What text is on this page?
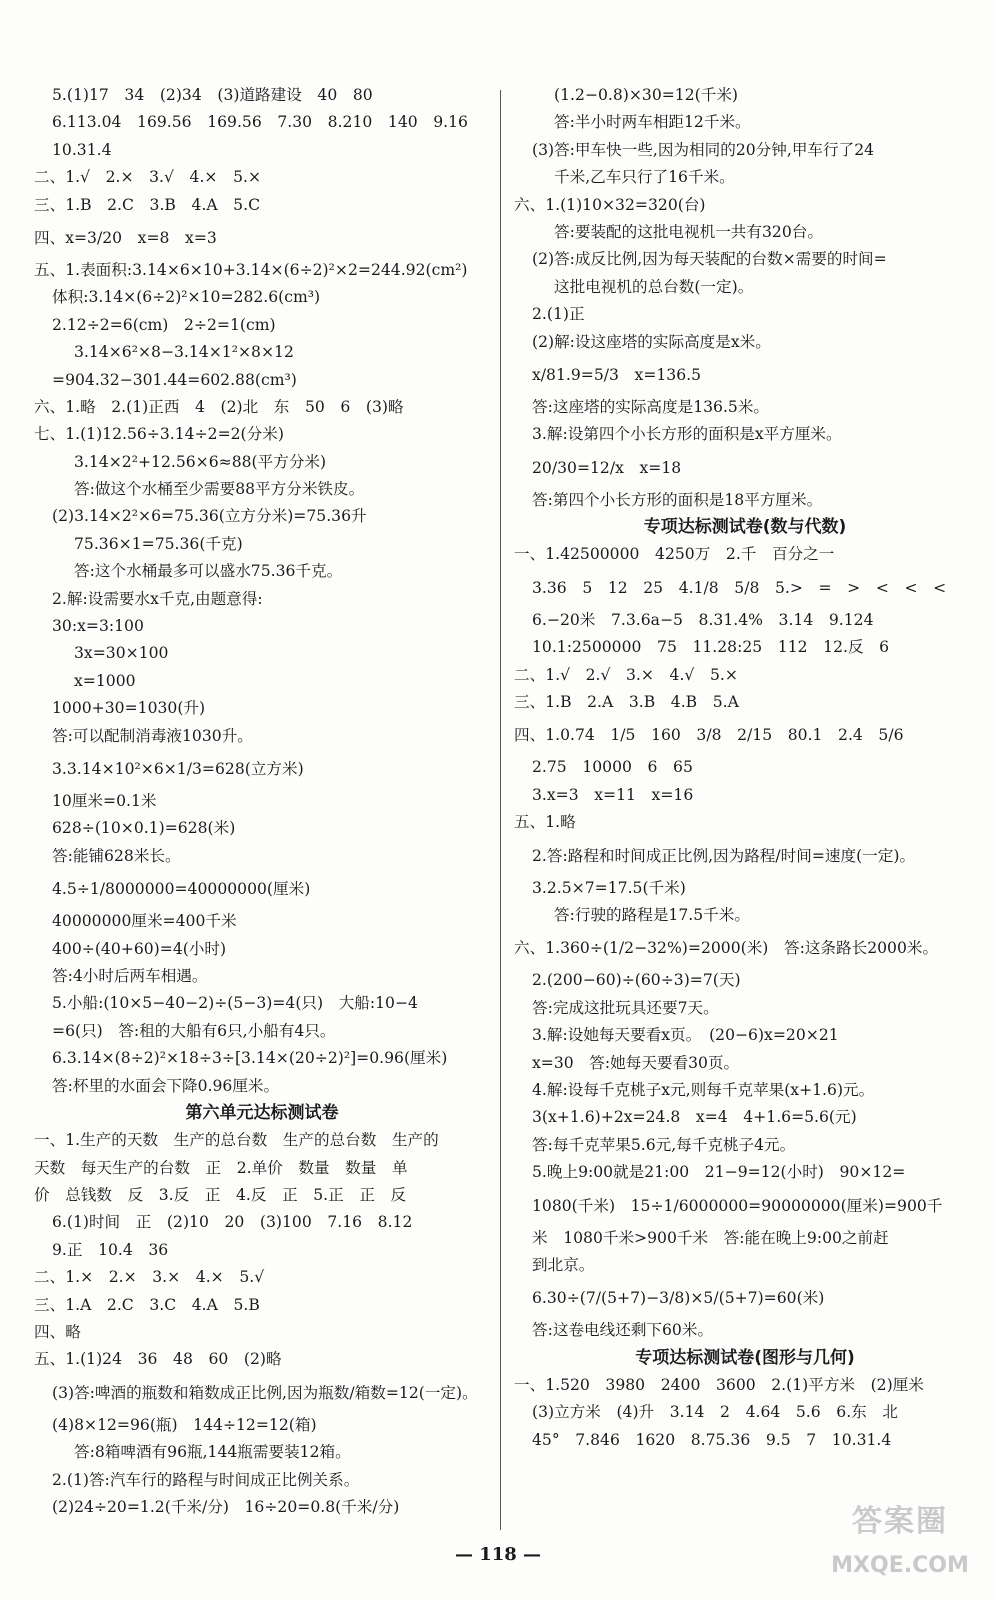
5.(1)17　34　(2)34　(3)道路建设　40　80
6.113.04　169.56　169.56　7.30　8.210　140　9.16
10.31.4
二、1.√　2.×　3.√　4.×　5.×
三、1.B　2.C　3.B　4.A　5.C
四、x=3/20　x=8　x=3
五、1.表面积:3.14×6×10+3.14×(6÷2)²×2=244.92(cm²)
体积:3.14×(6÷2)²×10=282.6(cm³)
2.12÷2=6(cm)　2÷2=1(cm)
3.14×6²×8−3.14×1²×8×12
=904.32−301.44=602.88(cm³)
六、1.略　2.(1)正西　4　(2)北　东　50　6　(3)略
七、1.(1)12.56÷3.14÷2=2(分米)
3.14×2²+12.56×6≈88(平方分米)
答:做这个水桶至少需要88平方分米铁皮。
(2)3.14×2²×6=75.36(立方分米)=75.36升
75.36×1=75.36(千克)
答:这个水桶最多可以盛水75.36千克。
2.解:设需要水x千克,由题意得:
30:x=3:100
3x=30×100
x=1000
1000+30=1030(升)
答:可以配制消毒液1030升。
3.3.14×10²×6×1/3=628(立方米)
10厘米=0.1米
628÷(10×0.1)=628(米)
答:能铺628米长。
4.5÷1/8000000=40000000(厘米)
40000000厘米=400千米
400÷(40+60)=4(小时)
答:4小时后两车相遇。
5.小船:(10×5−40−2)÷(5−3)=4(只)　大船:10−4
=6(只)　答:租的大船有6只,小船有4只。
6.3.14×(8÷2)²×18÷3÷[3.14×(20÷2)²]=0.96(厘米)
答:杯里的水面会下降0.96厘米。
第六单元达标测试卷
一、1.生产的天数　生产的总台数　生产的总台数　生产的
天数　每天生产的台数　正　2.单价　数量　数量　单
价　总钱数　反　3.反　正　4.反　正　5.正　正　反
6.(1)时间　正　(2)10　20　(3)100　7.16　8.12
9.正　10.4　36
二、1.×　2.×　3.×　4.×　5.√
三、1.A　2.C　3.C　4.A　5.B
四、略
五、1.(1)24　36　48　60　(2)略
(3)答:啤酒的瓶数和箱数成正比例,因为瓶数/箱数=12(一定)。
(4)8×12=96(瓶)　144÷12=12(箱)
答:8箱啤酒有96瓶,144瓶需要装12箱。
2.(1)答:汽车行的路程与时间成正比例关系。
(2)24÷20=1.2(千米/分)　16÷20=0.8(千米/分)
(1.2−0.8)×30=12(千米)
答:半小时两车相距12千米。
(3)答:甲车快一些,因为相同的20分钟,甲车行了24
千米,乙车只行了16千米。
六、1.(1)10×32=320(台)
答:要装配的这批电视机一共有320台。
(2)答:成反比例,因为每天装配的台数×需要的时间=
这批电视机的总台数(一定)。
2.(1)正
(2)解:设这座塔的实际高度是x米。
x/81.9=5/3　x=136.5
答:这座塔的实际高度是136.5米。
3.解:设第四个小长方形的面积是x平方厘米。
20/30=12/x　x=18
答:第四个小长方形的面积是18平方厘米。
专项达标测试卷(数与代数)
一、1.42500000　4250万　2.千　百分之一
3.36　5　12　25　4.1/8　5/8　5.>　=　>　<　<　<
6.−20米　7.3.6a−5　8.31.4%　3.14　9.124
10.1:2500000　75　11.28:25　112　12.反　6
二、1.√　2.√　3.×　4.√　5.×
三、1.B　2.A　3.B　4.B　5.A
四、1.0.74　1/5　160　3/8　2/15　80.1　2.4　5/6
2.75　10000　6　65
3.x=3　x=11　x=16
五、1.略
2.答:路程和时间成正比例,因为路程/时间=速度(一定)。
3.2.5×7=17.5(千米)
答:行驶的路程是17.5千米。
六、1.360÷(1/2−32%)=2000(米)　答:这条路长2000米。
2.(200−60)÷(60÷3)=7(天)
答:完成这批玩具还要7天。
3.解:设她每天要看x页。　(20−6)x=20×21
x=30　答:她每天要看30页。
4.解:设每千克桃子x元,则每千克苹果(x+1.6)元。
3(x+1.6)+2x=24.8　x=4　4+1.6=5.6(元)
答:每千克苹果5.6元,每千克桃子4元。
5.晚上9:00就是21:00　21−9=12(小时)　90×12=
1080(千米)　15÷1/6000000=90000000(厘米)=900千
米　1080千米>900千米　答:能在晚上9:00之前赶
到北京。
6.30÷(7/(5+7)−3/8)×5/(5+7)=60(米)
答:这卷电线还剩下60米。
专项达标测试卷(图形与几何)
一、1.520　3980　2400　3600　2.(1)平方米　(2)厘米
(3)立方米　(4)升　3.14　2　4.64　5.6　6.东　北
45°　7.846　1620　8.75.36　9.5　7　10.31.4
— 118 —
答案圈
MXQE.COM
